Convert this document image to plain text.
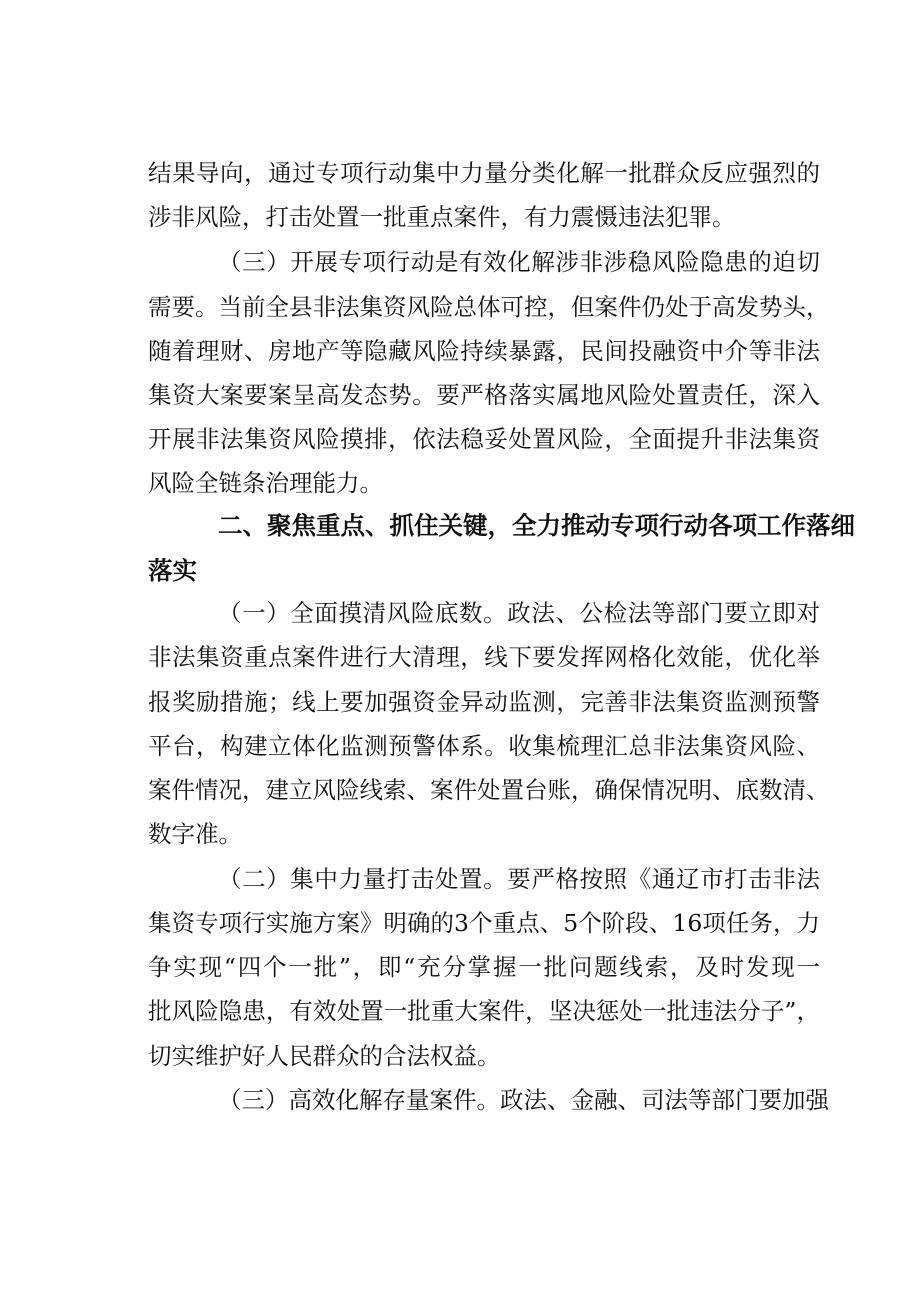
结果导向，通过专项行动集中力量分类化解一批群众反应强烈的
涉非风险，打击处置一批重点案件，有力震慑违法犯罪。
（三）开展专项行动是有效化解涉非涉稳风险隐患的迫切
需要。当前全县非法集资风险总体可控，但案件仍处于高发势头，
随着理财、房地产等隐藏风险持续暴露，民间投融资中介等非法
集资大案要案呈高发态势。要严格落实属地风险处置责任，深入
开展非法集资风险摸排，依法稳妥处置风险，全面提升非法集资
风险全链条治理能力。
二、聚焦重点、抓住关键，全力推动专项行动各项工作落细
落实
（一）全面摸清风险底数。政法、公检法等部门要立即对
非法集资重点案件进行大清理，线下要发挥网格化效能，优化举
报奖励措施；线上要加强资金异动监测，完善非法集资监测预警
平台，构建立体化监测预警体系。收集梳理汇总非法集资风险、
案件情况，建立风险线索、案件处置台账，确保情况明、底数清、
数字准。
（二）集中力量打击处置。要严格按照《通辽市打击非法
集资专项行实施方案》明确的3个重点、5个阶段、16项任务，力
争实现“四个一批”，即“充分掌握一批问题线索，及时发现一
批风险隐患，有效处置一批重大案件，坚决惩处一批违法分子”，
切实维护好人民群众的合法权益。
（三）高效化解存量案件。政法、金融、司法等部门要加强
